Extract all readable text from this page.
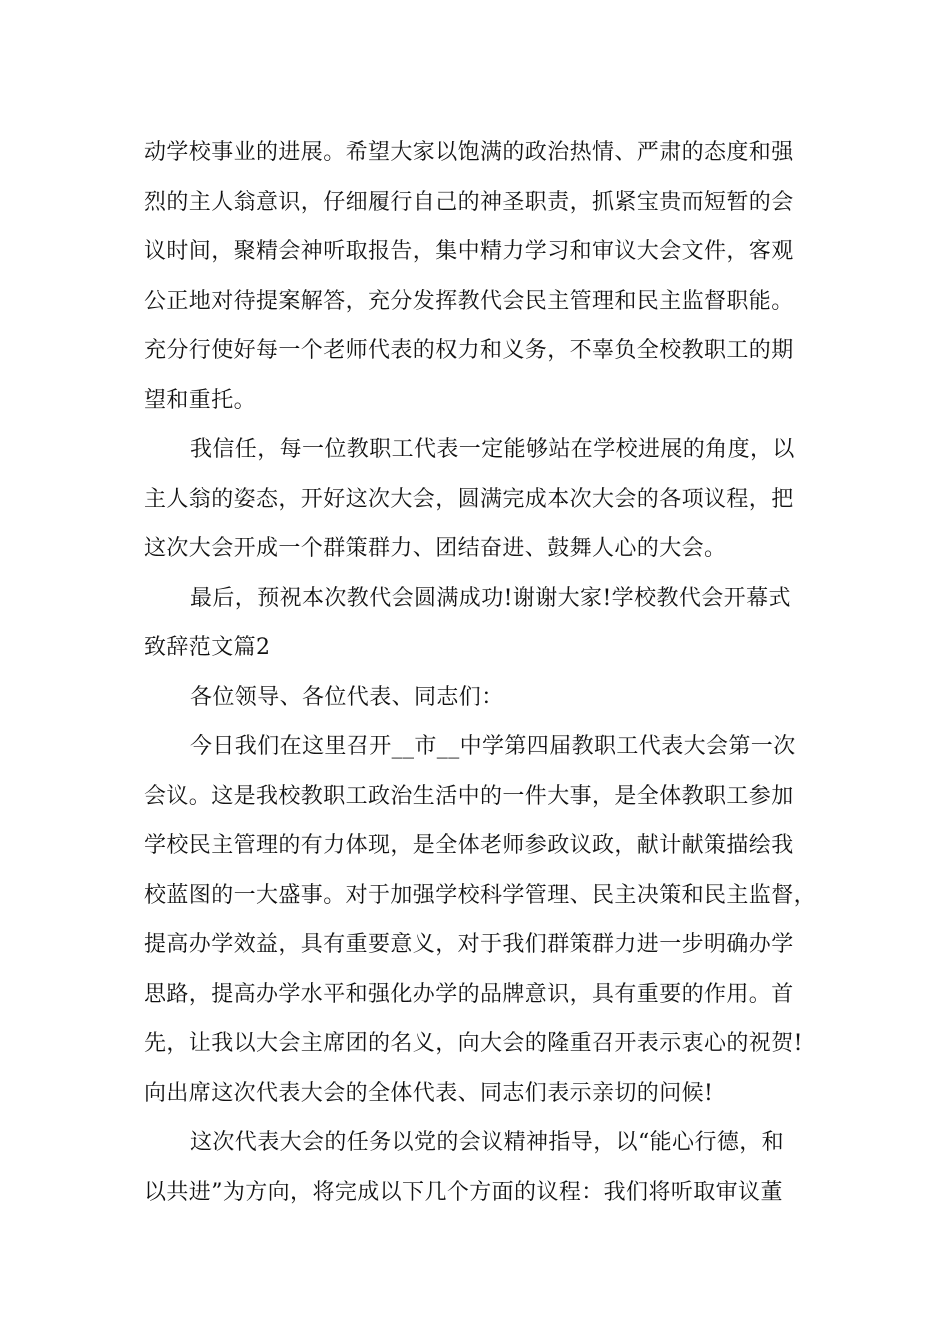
动学校事业的进展。希望大家以饱满的政治热情、严肃的态度和强
烈的主人翁意识，仔细履行自己的神圣职责，抓紧宝贵而短暂的会
议时间，聚精会神听取报告，集中精力学习和审议大会文件，客观
公正地对待提案解答，充分发挥教代会民主管理和民主监督职能。
充分行使好每一个老师代表的权力和义务，不辜负全校教职工的期
望和重托。
我信任，每一位教职工代表一定能够站在学校进展的角度，以
主人翁的姿态，开好这次大会，圆满完成本次大会的各项议程，把
这次大会开成一个群策群力、团结奋进、鼓舞人心的大会。
最后，预祝本次教代会圆满成功!谢谢大家!学校教代会开幕式
致辞范文篇2
各位领导、各位代表、同志们：
今日我们在这里召开__市__中学第四届教职工代表大会第一次
会议。这是我校教职工政治生活中的一件大事，是全体教职工参加
学校民主管理的有力体现，是全体老师参政议政，献计献策描绘我
校蓝图的一大盛事。对于加强学校科学管理、民主决策和民主监督，
提高办学效益，具有重要意义，对于我们群策群力进一步明确办学
思路，提高办学水平和强化办学的品牌意识，具有重要的作用。首
先，让我以大会主席团的名义，向大会的隆重召开表示衷心的祝贺!
向出席这次代表大会的全体代表、同志们表示亲切的问候!
这次代表大会的任务以党的会议精神指导，以“能心行德，和
以共进”为方向，将完成以下几个方面的议程：我们将听取审议董
